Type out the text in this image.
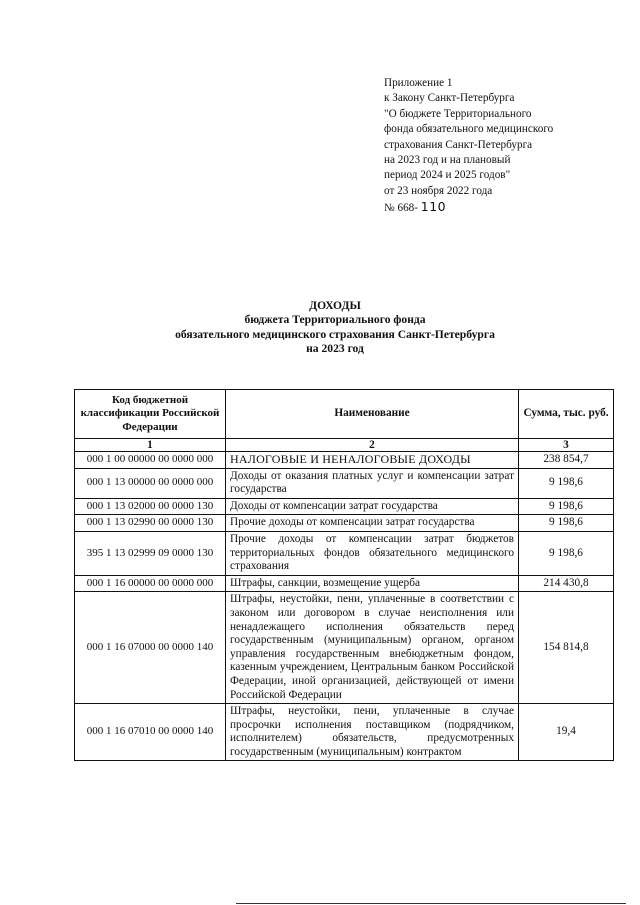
Приложение 1
к Закону Санкт-Петербурга
"О бюджете Территориального
фонда обязательного медицинского
страхования Санкт-Петербурга
на 2023 год и на плановый
период 2024 и 2025 годов"
от 23 ноября 2022 года
№ 668- 110
ДОХОДЫ
бюджета Территориального фонда
обязательного медицинского страхования Санкт-Петербурга
на 2023 год
Код бюджетной классификации Российской Федерации	Наименование	Сумма, тыс. руб.
1	2	3
000 1 00 00000 00 0000 000	НАЛОГОВЫЕ И НЕНАЛОГОВЫЕ ДОХОДЫ	238 854,7
000 1 13 00000 00 0000 000	Доходы от оказания платных услуг и компенсации затрат государства	9 198,6
000 1 13 02000 00 0000 130	Доходы от компенсации затрат государства	9 198,6
000 1 13 02990 00 0000 130	Прочие доходы от компенсации затрат государства	9 198,6
395 1 13 02999 09 0000 130	Прочие доходы от компенсации затрат бюджетов территориальных фондов обязательного медицинского страхования	9 198,6
000 1 16 00000 00 0000 000	Штрафы, санкции, возмещение ущерба	214 430,8
000 1 16 07000 00 0000 140	Штрафы, неустойки, пени, уплаченные в соответствии с законом или договором в случае неисполнения или ненадлежащего исполнения обязательств перед государственным (муниципальным) органом, органом управления государственным внебюджетным фондом, казенным учреждением, Центральным банком Российской Федерации, иной организацией, действующей от имени Российской Федерации	154 814,8
000 1 16 07010 00 0000 140	Штрафы, неустойки, пени, уплаченные в случае просрочки исполнения поставщиком (подрядчиком, исполнителем) обязательств, предусмотренных государственным (муниципальным) контрактом	19,4
